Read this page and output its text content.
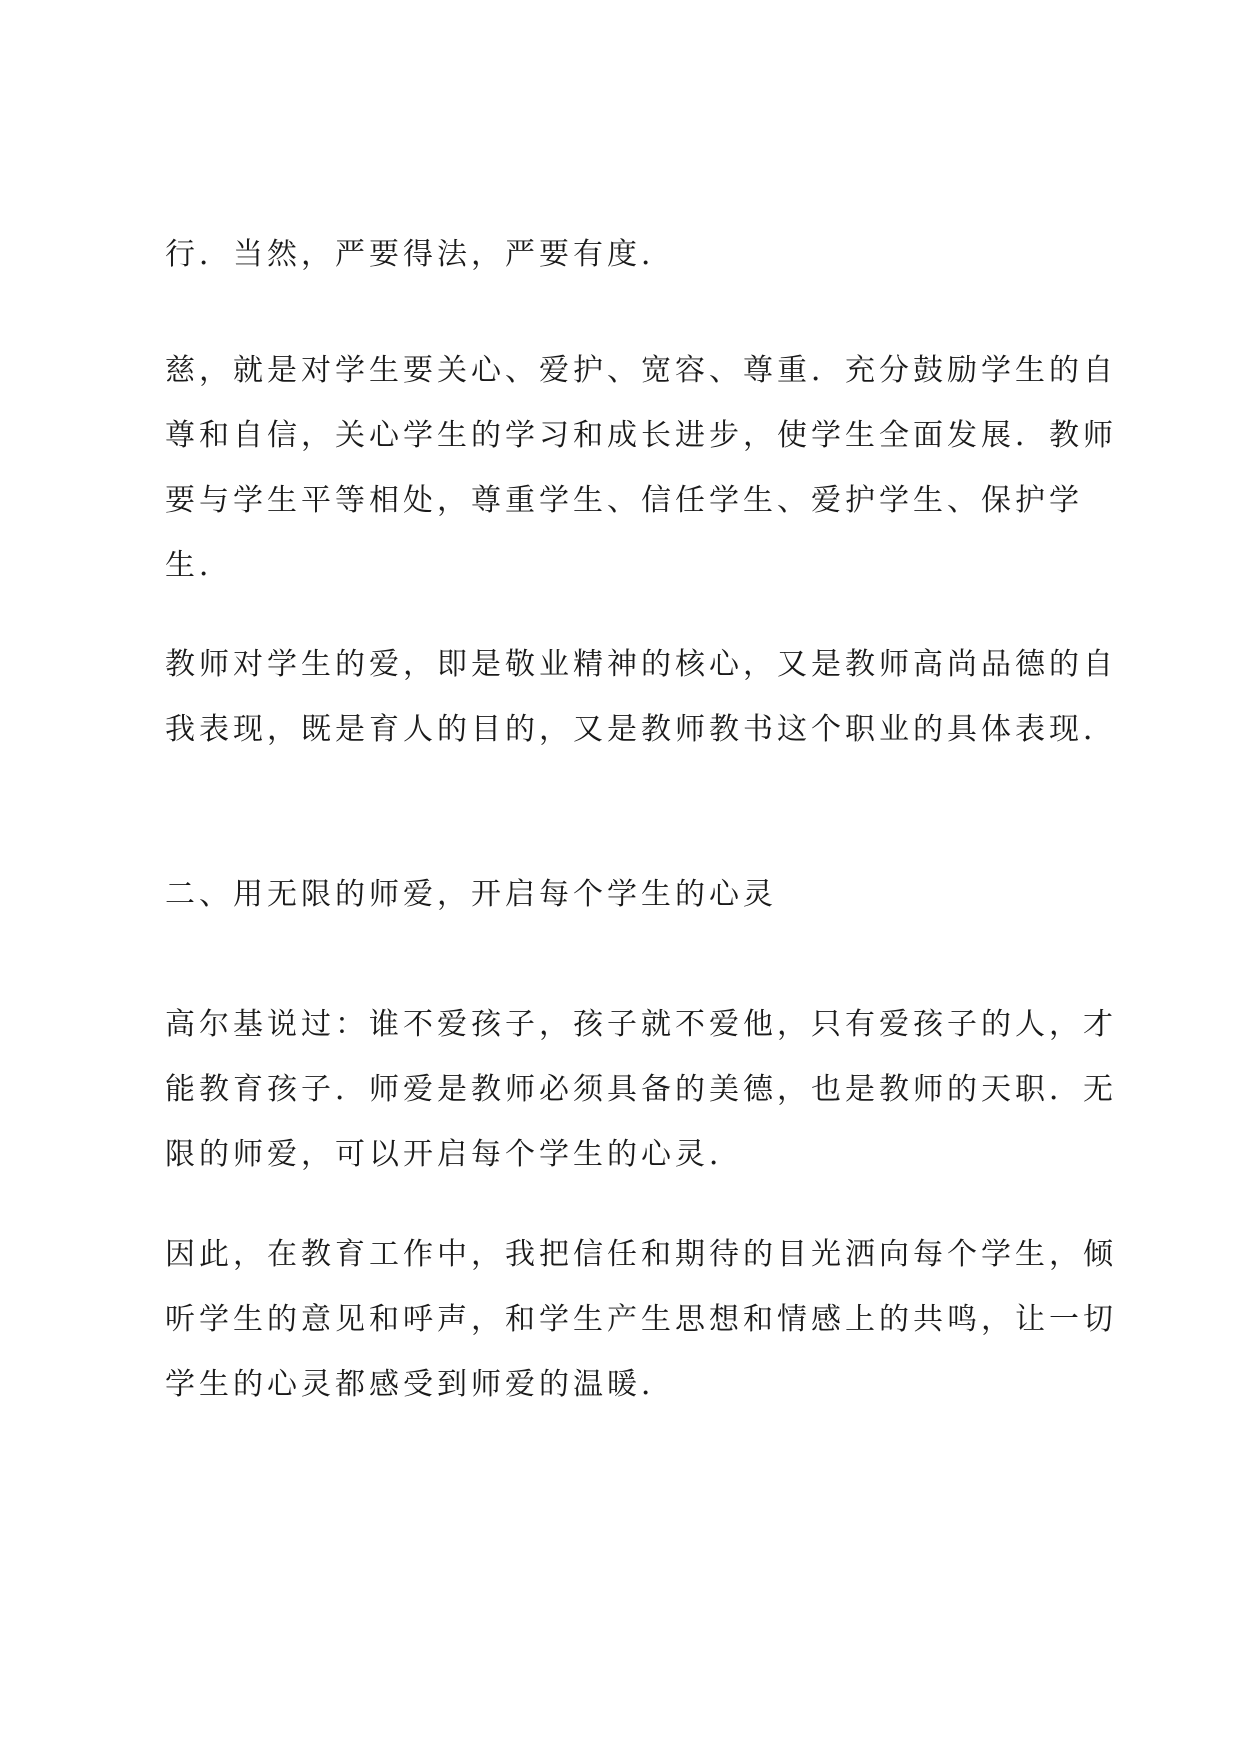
行．当然，严要得法，严要有度．

慈，就是对学生要关心、爱护、宽容、尊重．充分鼓励学生的自
尊和自信，关心学生的学习和成长进步，使学生全面发展．教师
要与学生平等相处，尊重学生、信任学生、爱护学生、保护学
生．

教师对学生的爱，即是敬业精神的核心，又是教师高尚品德的自
我表现，既是育人的目的，又是教师教书这个职业的具体表现．

二、用无限的师爱，开启每个学生的心灵

高尔基说过：谁不爱孩子，孩子就不爱他，只有爱孩子的人，才
能教育孩子．师爱是教师必须具备的美德，也是教师的天职．无
限的师爱，可以开启每个学生的心灵．

因此，在教育工作中，我把信任和期待的目光洒向每个学生，倾
听学生的意见和呼声，和学生产生思想和情感上的共鸣，让一切
学生的心灵都感受到师爱的温暖．
